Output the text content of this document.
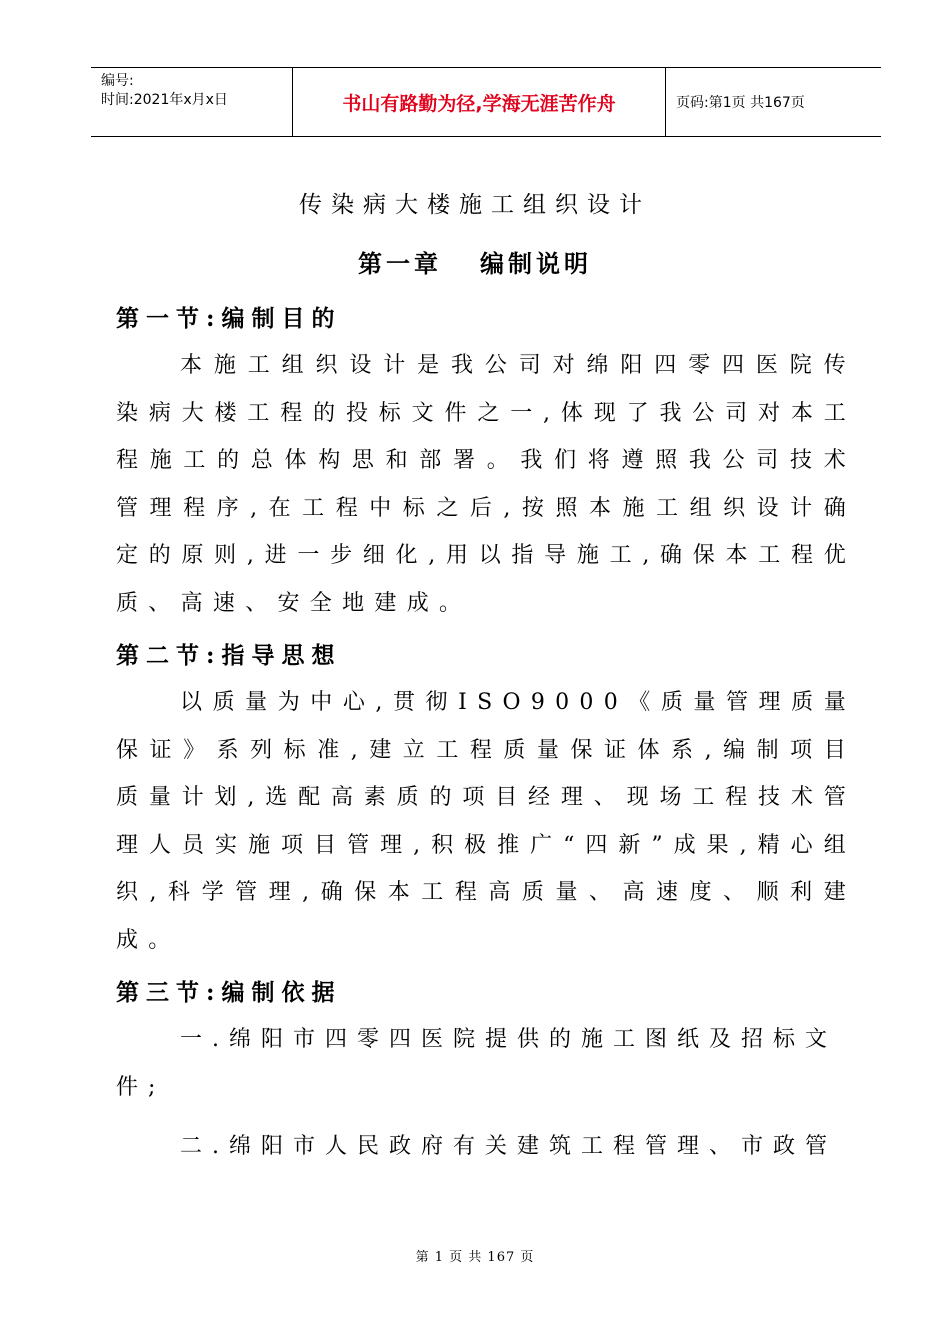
编号:
时间:2021年x月x日	书山有路勤为径,学海无涯苦作舟	页码:第1页 共167页
传染病大楼施工组织设计
第一章 编制说明
第一节:编制目的

本施工组织设计是我公司对绵阳四零四医院传染病大楼工程的投标文件之一,体现了我公司对本工程施工的总体构思和部署。我们将遵照我公司技术管理程序,在工程中标之后,按照本施工组织设计确定的原则,进一步细化,用以指导施工,确保本工程优质、高速、安全地建成。

第二节:指导思想

以质量为中心,贯彻ISO9000《质量管理质量保证》系列标准,建立工程质量保证体系,编制项目质量计划,选配高素质的项目经理、现场工程技术管理人员实施项目管理,积极推广“四新”成果,精心组织,科学管理,确保本工程高质量、高速度、顺利建成。

第三节:编制依据

一.绵阳市四零四医院提供的施工图纸及招标文件;

二.绵阳市人民政府有关建筑工程管理、市政管

第 1 页 共 167 页
